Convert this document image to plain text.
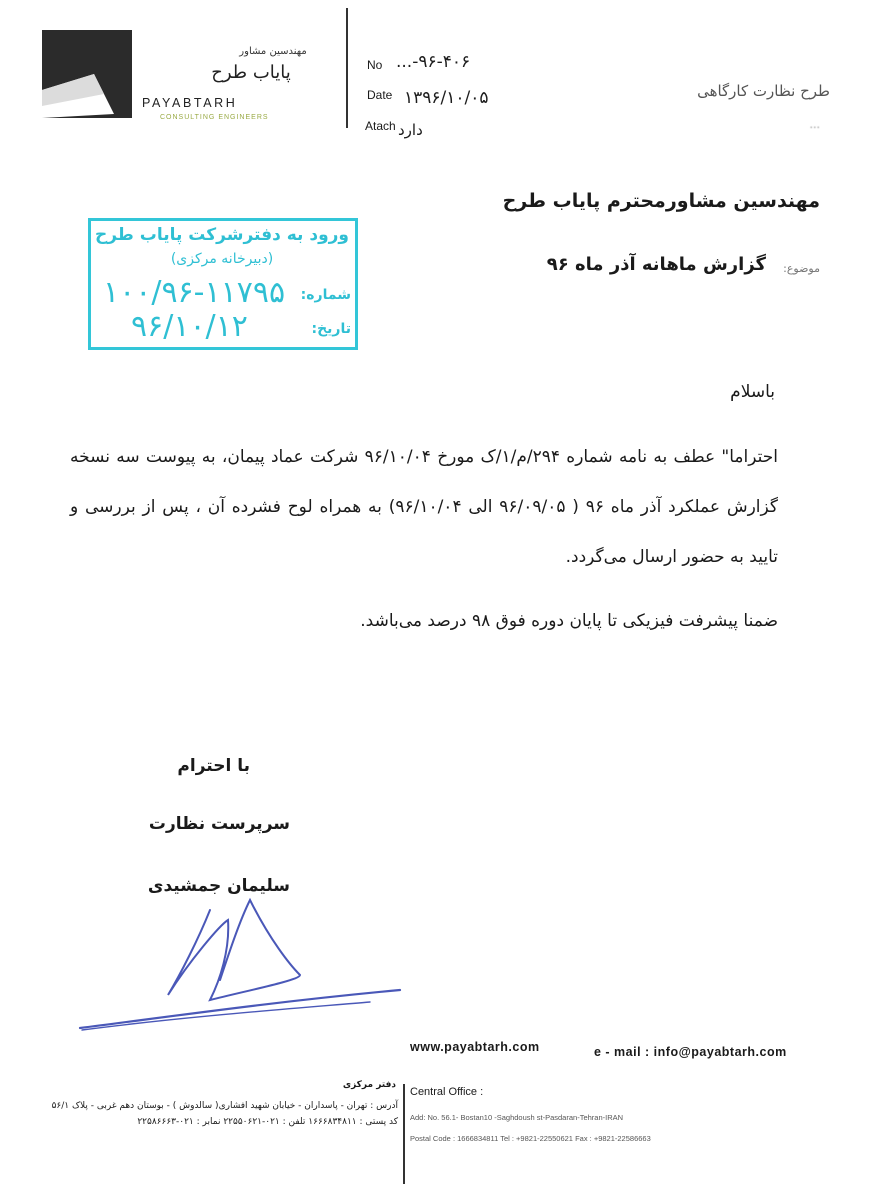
مهندسین مشاور
پایاب طرح
PAYABTARH
CONSULTING ENGINEERS
No ۹۶-۴۰۶-...
Date ۱۳۹۶/۱۰/۰۵
Atach دارد
طرح نظارت کارگاهی
...
مهندسین مشاورمحترم پایاب طرح
موضوع:
گزارش ماهانه آذر ماه ۹۶
ورود به دفترشرکت پایاب طرح
(دبیرخانه مرکزی)
شماره:
۱۰۰/۹۶-۱۱۷۹۵
تاریخ:
۹۶/۱۰/۱۲
باسلام
احتراما" عطف به نامه شماره ۲۹۴/م/۱/ک مورخ ۹۶/۱۰/۰۴ شرکت عماد پیمان، به پیوست سه نسخه گزارش عملکرد آذر ماه ۹۶ ( ۹۶/۰۹/۰۵ الی ۹۶/۱۰/۰۴) به همراه لوح فشرده آن ، پس از بررسی و تایید به حضور ارسال می‌گردد.
ضمنا پیشرفت فیزیکی تا پایان دوره فوق ۹۸ درصد می‌باشد.
با احترام
سرپرست نظارت
سلیمان جمشیدی
www.payabtarh.com	e - mail : info@payabtarh.com
دفتر مرکزی
آدرس : تهران - پاسداران - خیابان شهید افشاری( سالدوش ) - بوستان دهم غربی - پلاک ۵۶/۱
کد پستی : ۱۶۶۶۸۳۴۸۱۱ تلفن : ۰۲۱-۲۲۵۵۰۶۲۱ نمابر : ۰۲۱-۲۲۵۸۶۶۶۳
Central Office :
Add: No. 56.1- Bostan10 -Saghdoush st-Pasdaran-Tehran-IRAN
Postal Code : 1666834811 Tel : +9821-22550621 Fax : +9821-22586663
